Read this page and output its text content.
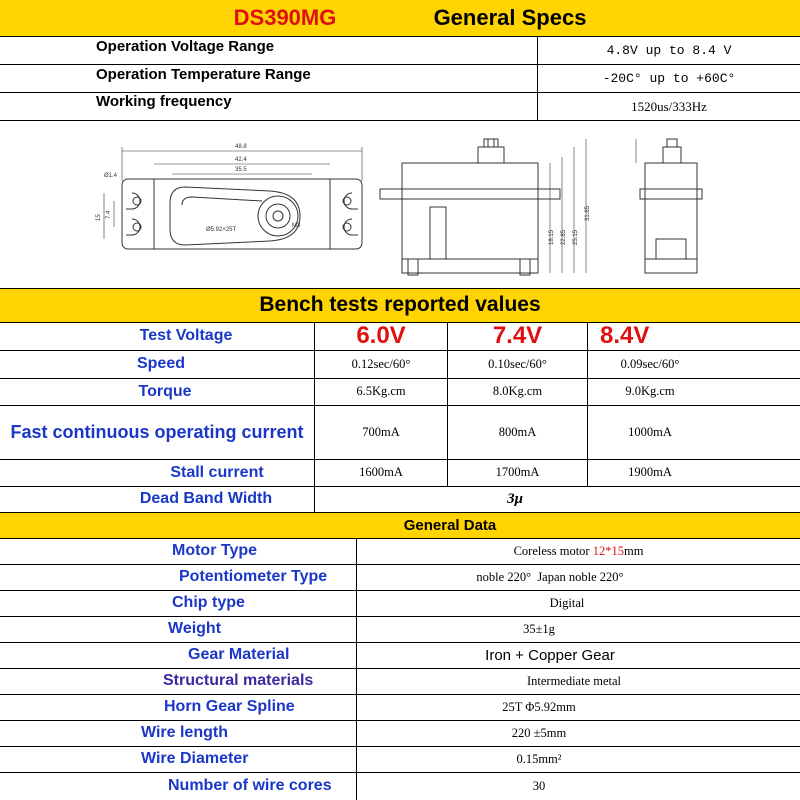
DS390MG	General Specs
Operation Voltage Range	4.8V up to 8.4 V
Operation Temperature Range	-20C° up to +60C°
Working frequency	1520us/333Hz
48.8
42.4
35.5
Ø1.4
15 7.4
Ø5.92×25T
M3
18.15 22.85 25.15
31.65
Bench tests reported values
Test Voltage	6.0V	7.4V	8.4V
Speed	0.12sec/60°	0.10sec/60°	0.09sec/60°
Torque	6.5Kg.cm	8.0Kg.cm	9.0Kg.cm
Fast continuous operating current	700mA	800mA	1000mA
Stall current	1600mA	1700mA	1900mA
Dead Band Width	3μ
General Data
Motor Type	Coreless motor 12*15 mm
Potentiometer Type	noble 220°  Japan noble 220°
Chip type	Digital
Weight	35±1g
Gear Material	Iron + Copper Gear
Structural materials	Intermediate metal
Horn Gear Spline	25T Φ5.92mm
Wire length	220 ±5mm
Wire Diameter	0.15mm²
Number of wire cores	30
